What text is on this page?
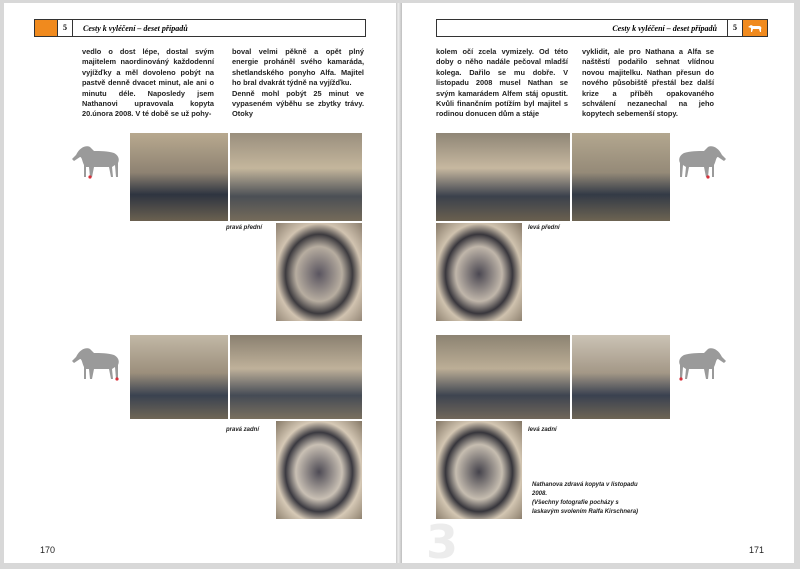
5	Cesty k vyléčení – deset případů
vedlo o dost lépe, dostal svým majitelem naordinováný každodenní vyjížďky a měl dovoleno pobýt na pastvě denně dvacet minut, ale ani o minutu déle. Naposledy jsem Nathanovi upravovala kopyta 20.února 2008. V té době se už pohy-
boval velmi pěkně a opět plný energie proháněl svého kamaráda, shetlandského ponyho Alfa. Majitel ho bral dvakrát týdně na vyjížďku.
Denně mohl pobýt 25 minut ve vypaseném výběhu se zbytky trávy. Otoky
pravá přední
pravá zadní
170
5
Cesty k vyléčení – deset případů
kolem očí zcela vymizely. Od této doby o něho nadále pečoval mladší kolega. Dařilo se mu dobře. V listopadu 2008 musel Nathan se svým kamarádem Alfem stáj opustit. Kvůli finančním potížím byl majitel s rodinou donucen dům a stáje
vyklidit, ale pro Nathana a Alfa se naštěstí podařilo sehnat vlídnou novou majitelku. Nathan přesun do nového působiště přestál bez další krize a příběh opakovaného schválení nezanechal na jeho kopytech sebemenší stopy.
levá přední
levá zadní
Nathanova zdravá kopyta v listopadu 2008.
(Všechny fotografie pocházy s laskavým svolením Ralfa Kirschnera)
3	171
